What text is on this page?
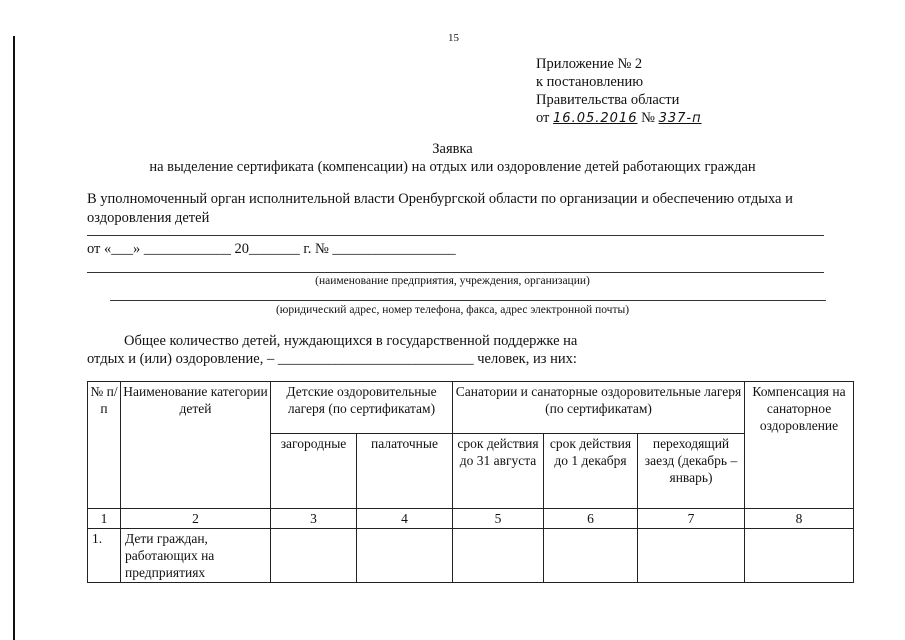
15
Приложение № 2
к постановлению
Правительства области
от 16.05.2016 № 337-п
Заявка
на выделение сертификата (компенсации) на отдых или оздоровление детей работающих граждан
В уполномоченный орган исполнительной власти Оренбургской области по организации и обеспечению отдыха и оздоровления детей
от «___» ____________ 20_______ г. № _________________
(наименование предприятия, учреждения, организации)
(юридический адрес, номер телефона, факса, адрес электронной почты)
Общее количество детей, нуждающихся в государственной поддержке на
отдых и (или) оздоровление, – ___________________________ человек, из них:
№ п/п	Наименование категории детей	Детские оздоровительные лагеря (по сертификатам)		Санатории и санаторные оздоровительные лагеря (по сертификатам)			Компенсация на санаторное оздоровление
		загородные	палаточные	срок действия до 31 августа	срок действия до 1 декабря	переходящий заезд (декабрь – январь)	
1	2	3	4	5	6	7	8
1.	Дети граждан, работающих на предприятиях						
